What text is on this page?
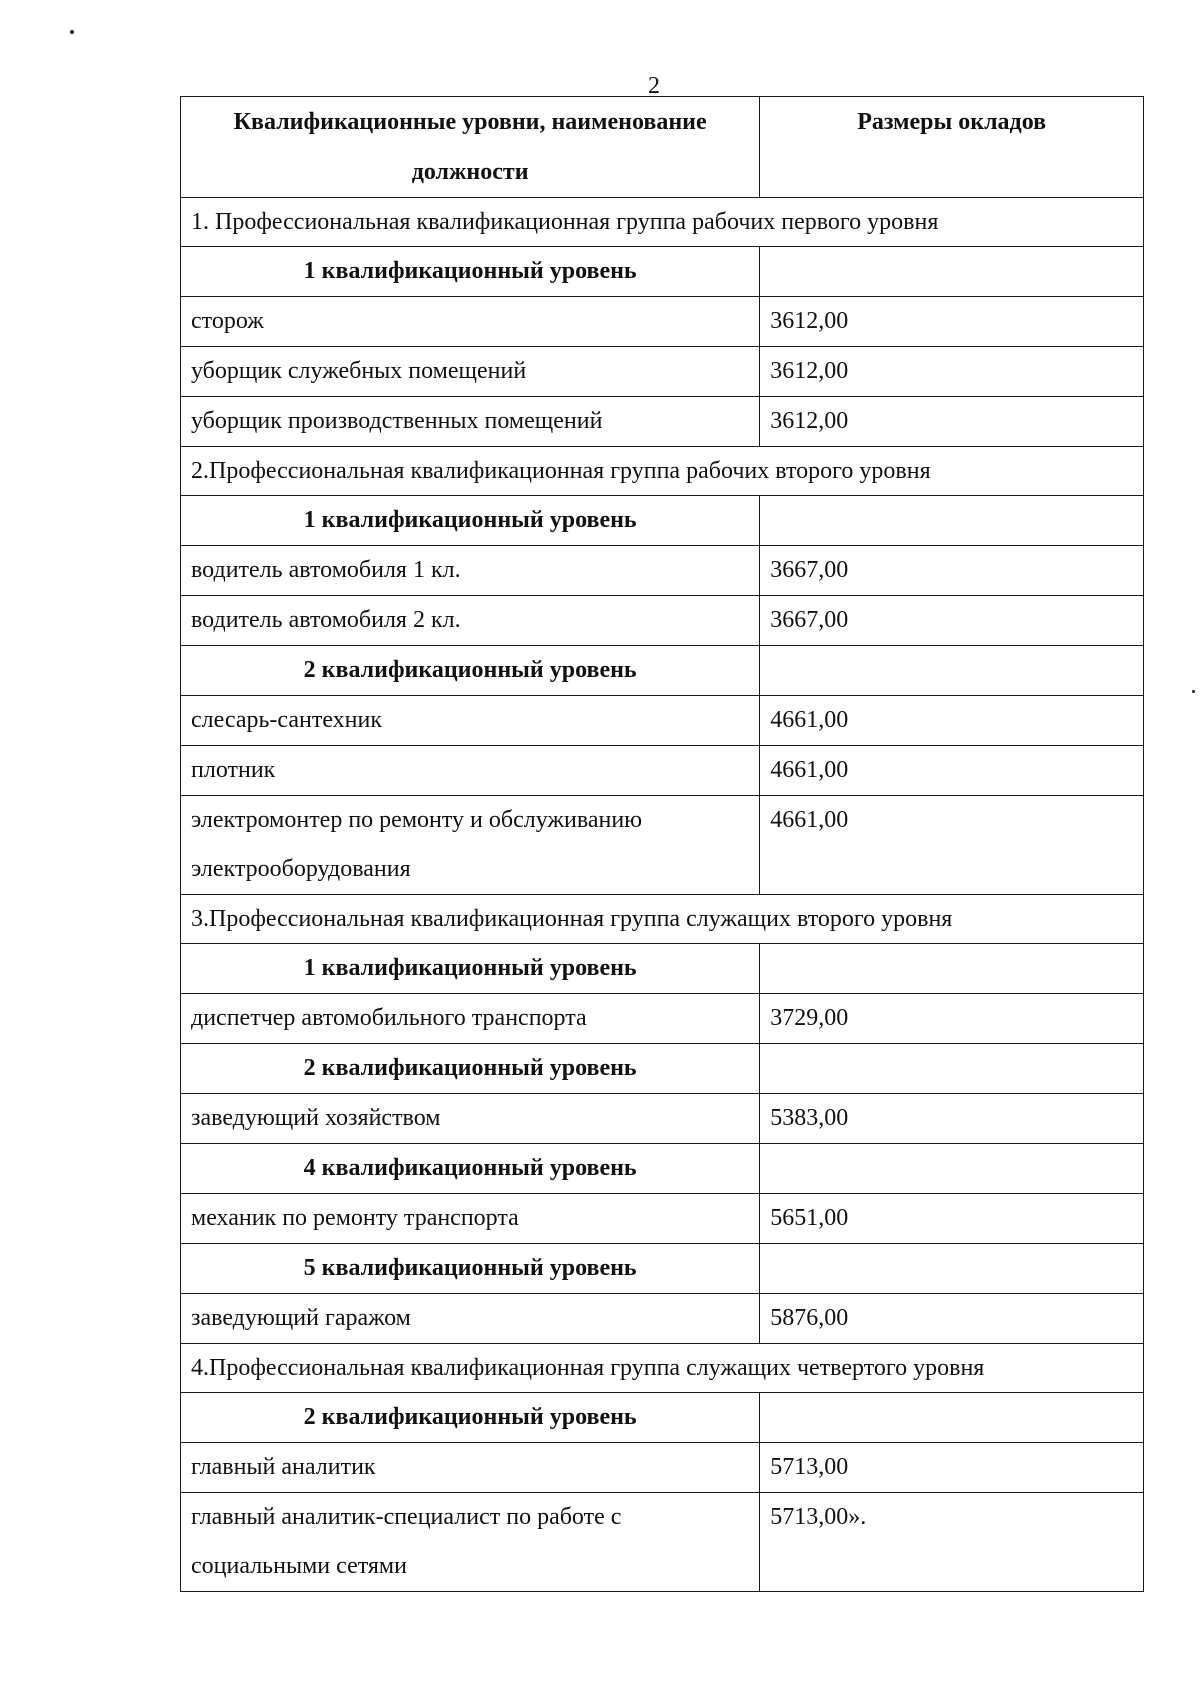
2
Квалификационные уровни, наименование должности	Размеры окладов
1. Профессиональная квалификационная группа рабочих первого уровня	
1 квалификационный уровень	
сторож	3612,00
уборщик служебных помещений	3612,00
уборщик производственных помещений	3612,00
2.Профессиональная квалификационная группа рабочих второго уровня	
1 квалификационный уровень	
водитель автомобиля 1 кл.	3667,00
водитель автомобиля 2 кл.	3667,00
2 квалификационный уровень	
слесарь-сантехник	4661,00
плотник	4661,00
электромонтер по ремонту и обслуживанию электрооборудования	4661,00
3.Профессиональная квалификационная группа служащих второго уровня	
1 квалификационный уровень	
диспетчер автомобильного транспорта	3729,00
2 квалификационный уровень	
заведующий хозяйством	5383,00
4 квалификационный уровень	
механик по ремонту транспорта	5651,00
5 квалификационный уровень	
заведующий гаражом	5876,00
4.Профессиональная квалификационная группа служащих четвертого уровня	
2 квалификационный уровень	
главный аналитик	5713,00
главный аналитик-специалист по работе с социальными сетями	5713,00».
